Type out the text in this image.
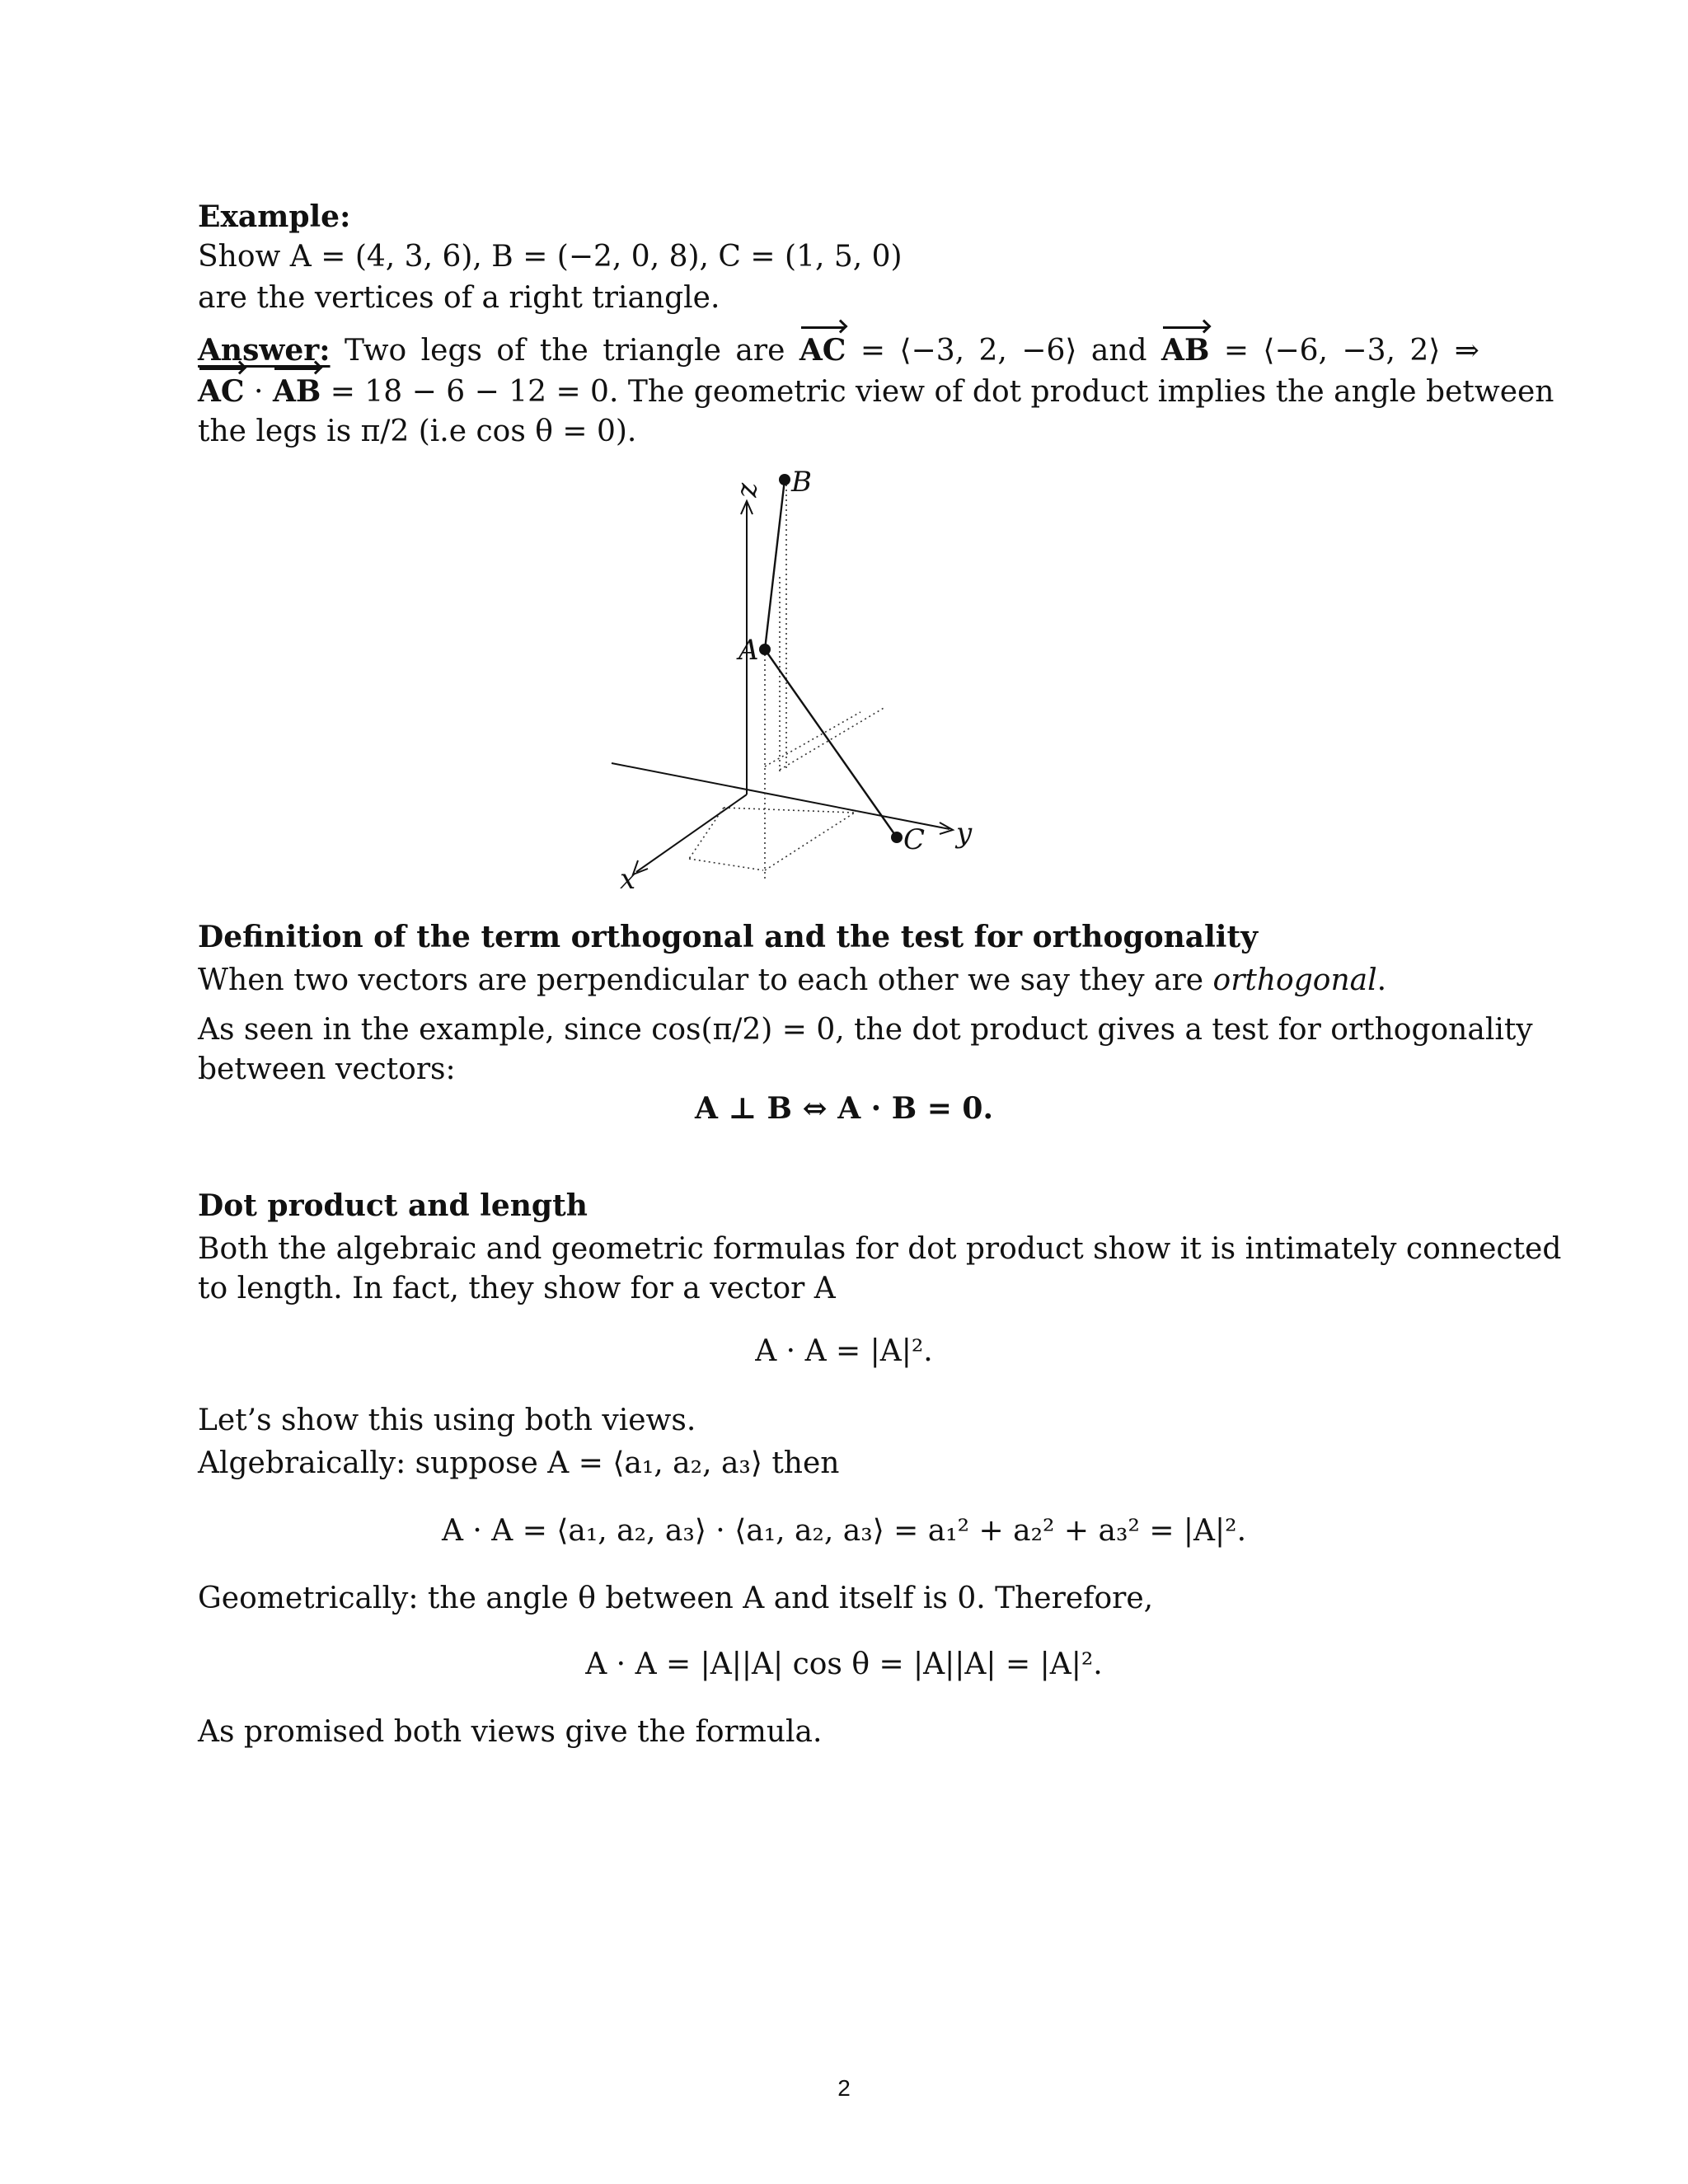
Example:
Show A = (4, 3, 6), B = (−2, 0, 8), C = (1, 5, 0)
are the vertices of a right triangle.
Answer: Two legs of the triangle are AC = ⟨−3, 2, −6⟩ and AB = ⟨−6, −3, 2⟩ ⇒
AC · AB = 18 − 6 − 12 = 0. The geometric view of dot product implies the angle between
the legs is π/2 (i.e cos θ = 0).
B
A
C
z
x
y
Definition of the term orthogonal and the test for orthogonality
When two vectors are perpendicular to each other we say they are orthogonal.
As seen in the example, since cos(π/2) = 0, the dot product gives a test for orthogonality
between vectors:
A ⊥ B ⇔ A · B = 0.
Dot product and length
Both the algebraic and geometric formulas for dot product show it is intimately connected
to length. In fact, they show for a vector A
A · A = |A|².
Let’s show this using both views.
Algebraically: suppose A = ⟨a₁, a₂, a₃⟩ then
A · A = ⟨a₁, a₂, a₃⟩ · ⟨a₁, a₂, a₃⟩ = a₁² + a₂² + a₃² = |A|².
Geometrically: the angle θ between A and itself is 0. Therefore,
A · A = |A||A| cos θ = |A||A| = |A|².
As promised both views give the formula.
2
